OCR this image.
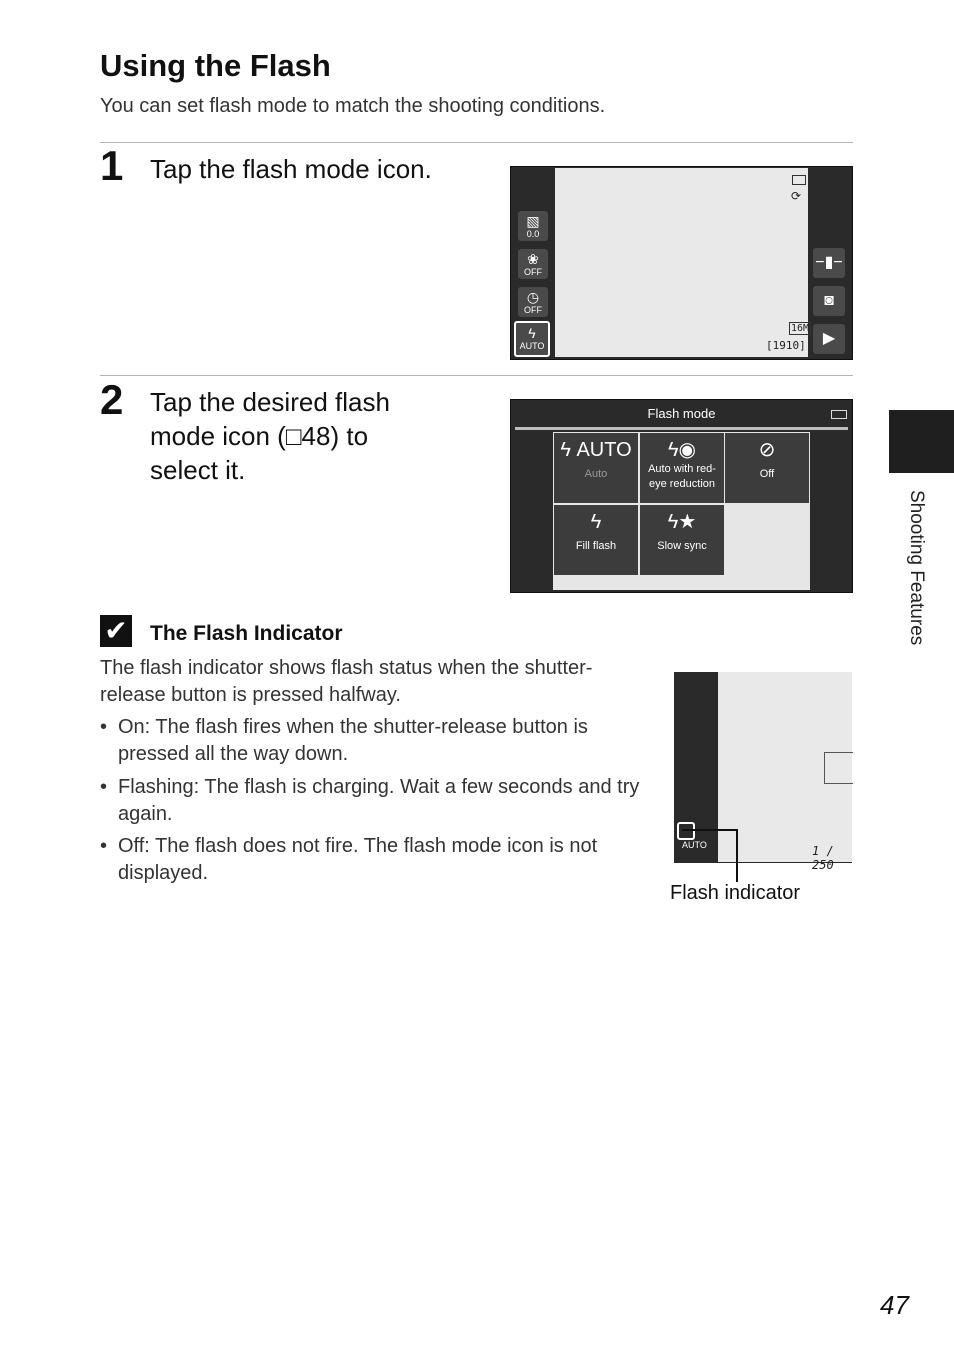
Using the Flash
You can set flash mode to match the shooting conditions.
1 Tap the flash mode icon.
⟳
▧
0.0
❀
OFF
◷
OFF
ϟ
AUTO
−▮−
◙
▶
16M
[1910]
2 Tap the desired flash
mode icon (□48) to
select it.
Flash mode
ϟ AUTO
Auto
ϟ◉
Auto with red-eye reduction
⊘
Off
ϟ
Fill flash
ϟ★
Slow sync
✔ The Flash Indicator
The flash indicator shows flash status when the shutter-
release button is pressed halfway.
• On: The flash fires when the shutter-release button is
pressed all the way down.
• Flashing: The flash is charging. Wait a few seconds and try
again.
• Off: The flash does not fire. The flash mode icon is not
displayed.
1 / 250
AUTO
Flash indicator
Shooting Features
47
